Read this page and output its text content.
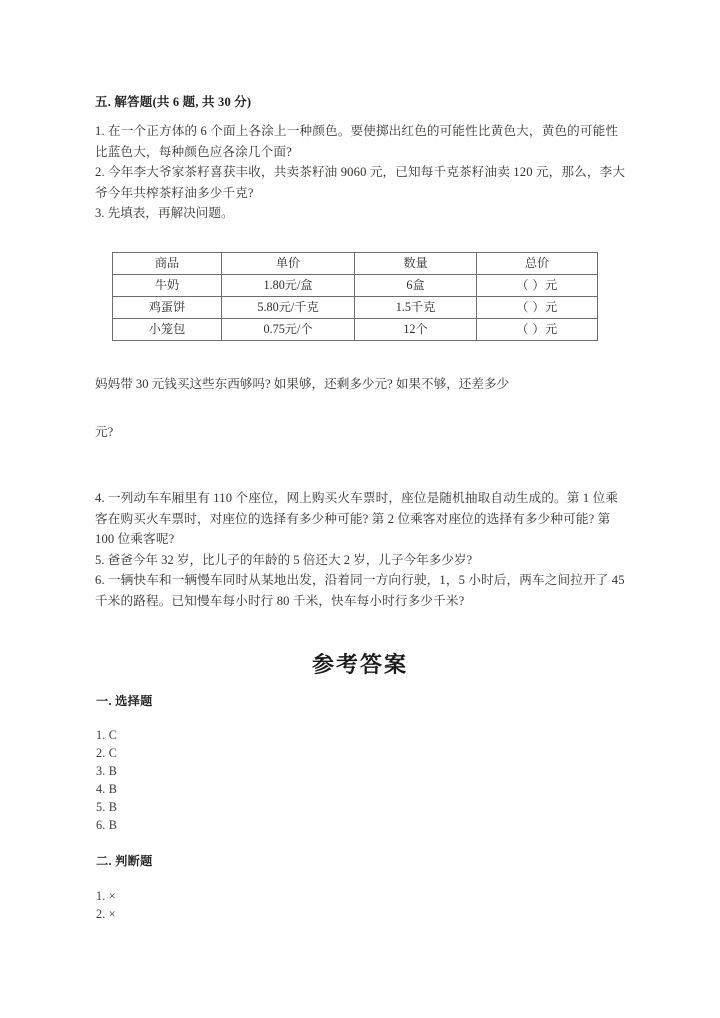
五. 解答题(共 6 题, 共 30 分)
1. 在一个正方体的 6 个面上各涂上一种颜色。要使掷出红色的可能性比黄色大，黄色的可能性比蓝色大，每种颜色应各涂几个面?
2. 今年李大爷家茶籽喜获丰收，共卖茶籽油 9060 元，已知每千克茶籽油卖 120 元，那么，李大爷今年共榨茶籽油多少千克?
3. 先填表，再解决问题。
商品	单价	数量	总价
牛奶	1.80元/盒	6盒	（ ）元
鸡蛋饼	5.80元/千克	1.5千克	（ ）元
小笼包	0.75元/个	12个	（ ）元
妈妈带 30 元钱买这些东西够吗? 如果够，还剩多少元? 如果不够，还差多少
元?
4. 一列动车车厢里有 110 个座位，网上购买火车票时，座位是随机抽取自动生成的。第 1 位乘客在购买火车票时，对座位的选择有多少种可能? 第 2 位乘客对座位的选择有多少种可能? 第 100 位乘客呢?
5. 爸爸今年 32 岁，比儿子的年龄的 5 倍还大 2 岁，儿子今年多少岁?
6. 一辆快车和一辆慢车同时从某地出发，沿着同一方向行驶，1，5 小时后，两车之间拉开了 45 千米的路程。已知慢车每小时行 80 千米，快车每小时行多少千米?
参考答案
一. 选择题
1. C
2. C
3. B
4. B
5. B
6. B
二. 判断题
1. ×
2. ×
